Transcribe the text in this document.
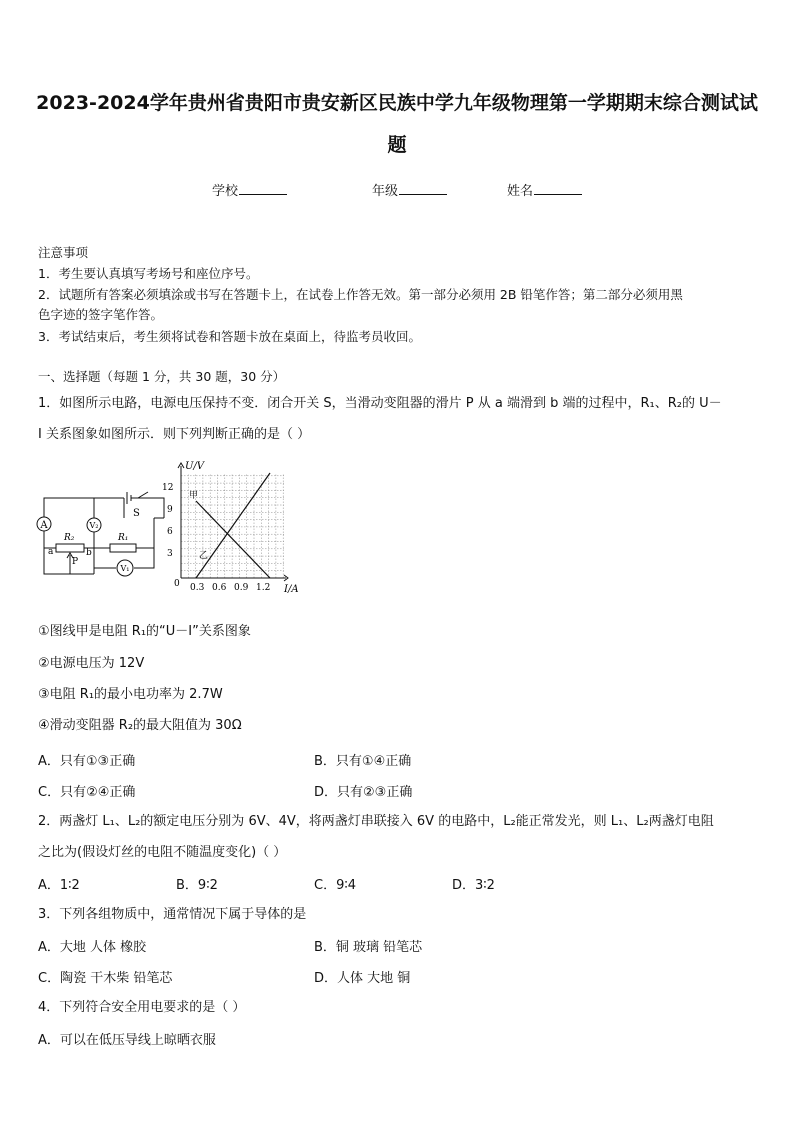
2023-2024学年贵州省贵阳市贵安新区民族中学九年级物理第一学期期末综合测试试
题
学校	年级	姓名
注意事项
1．考生要认真填写考场号和座位序号。
2．试题所有答案必须填涂或书写在答题卡上，在试卷上作答无效。第一部分必须用 2B 铅笔作答；第二部分必须用黑
色字迹的签字笔作答。
3．考试结束后，考生须将试卷和答题卡放在桌面上，待监考员收回。
一、选择题（每题 1 分，共 30 题，30 分）
1．如图所示电路，电源电压保持不变．闭合开关 S，当滑动变阻器的滑片 P 从 a 端滑到 b 端的过程中，R₁、R₂的 U－
I 关系图象如图所示．则下列判断正确的是（ ）
A	V₂
V₁
R₂	R₁
S
a	b
P
U/V
I/A
0
3
6
9
12
0.3 0.6 0.9 1.2
甲
乙
①图线甲是电阻 R₁的“U－I”关系图象
②电源电压为 12V
③电阻 R₁的最小电功率为 2.7W
④滑动变阻器 R₂的最大阻值为 30Ω
A．只有①③正确	B．只有①④正确
C．只有②④正确	D．只有②③正确
2．两盏灯 L₁、L₂的额定电压分别为 6V、4V，将两盏灯串联接入 6V 的电路中，L₂能正常发光，则 L₁、L₂两盏灯电阻
之比为(假设灯丝的电阻不随温度变化)（ ）
A．1∶2	B．9∶2	C．9∶4	D．3∶2
3．下列各组物质中，通常情况下属于导体的是
A．大地 人体 橡胶	B．铜 玻璃 铅笔芯
C．陶瓷 干木柴 铅笔芯	D．人体 大地 铜
4．下列符合安全用电要求的是（ ）
A．可以在低压导线上晾晒衣服
